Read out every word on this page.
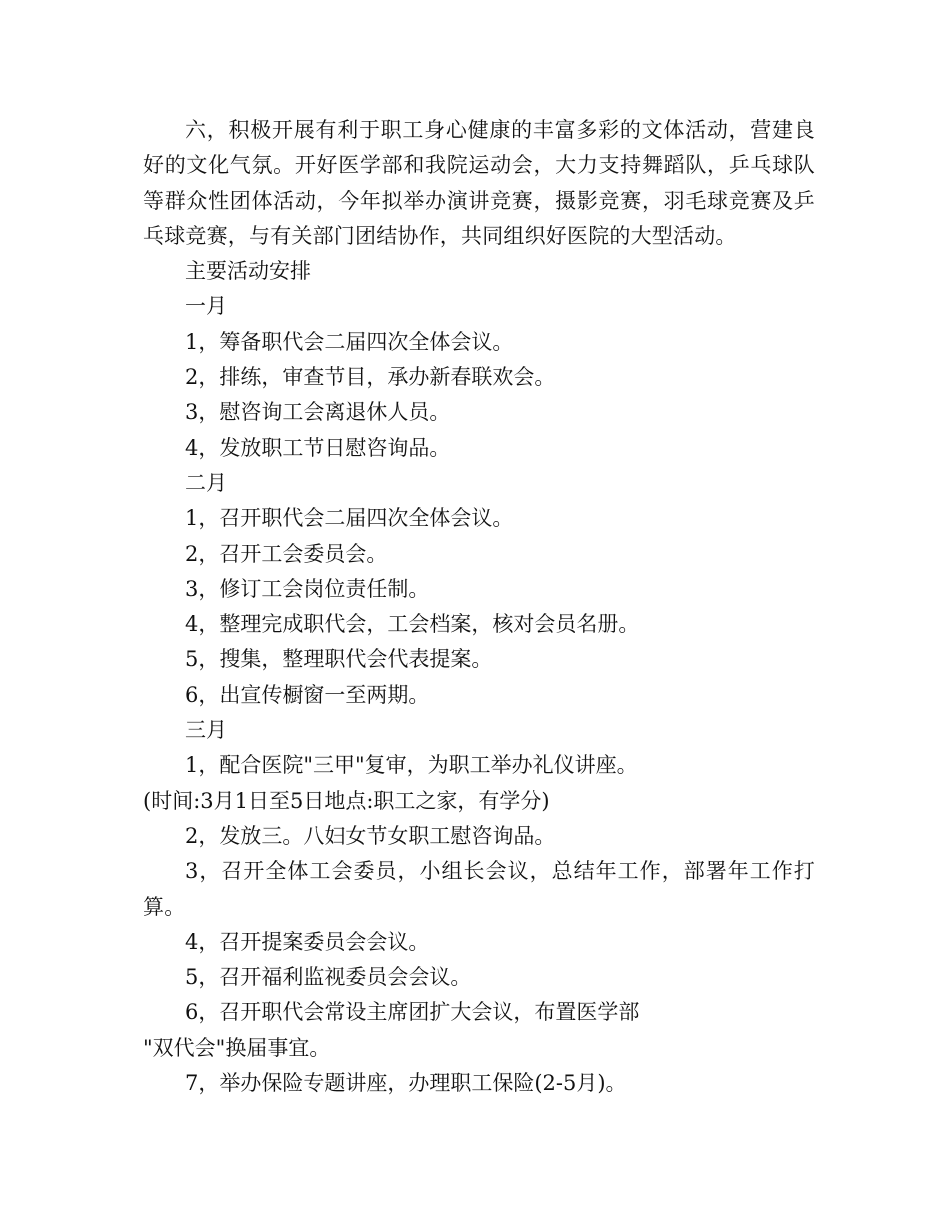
六，积极开展有利于职工身心健康的丰富多彩的文体活动，营建良好的文化气氛。开好医学部和我院运动会，大力支持舞蹈队，乒乓球队等群众性团体活动，今年拟举办演讲竞赛，摄影竞赛，羽毛球竞赛及乒乓球竞赛，与有关部门团结协作，共同组织好医院的大型活动。

主要活动安排

一月

1，筹备职代会二届四次全体会议。

2，排练，审查节目，承办新春联欢会。

3，慰咨询工会离退休人员。

4，发放职工节日慰咨询品。

二月

1，召开职代会二届四次全体会议。

2，召开工会委员会。

3，修订工会岗位责任制。

4，整理完成职代会，工会档案，核对会员名册。

5，搜集，整理职代会代表提案。

6，出宣传橱窗一至两期。

三月

1，配合医院"三甲"复审，为职工举办礼仪讲座。

(时间:3月1日至5日地点:职工之家，有学分)

2，发放三。八妇女节女职工慰咨询品。

3，召开全体工会委员，小组长会议，总结年工作，部署年工作打算。

4，召开提案委员会会议。

5，召开福利监视委员会会议。

6，召开职代会常设主席团扩大会议，布置医学部

"双代会"换届事宜。

7，举办保险专题讲座，办理职工保险(2-5月)。
